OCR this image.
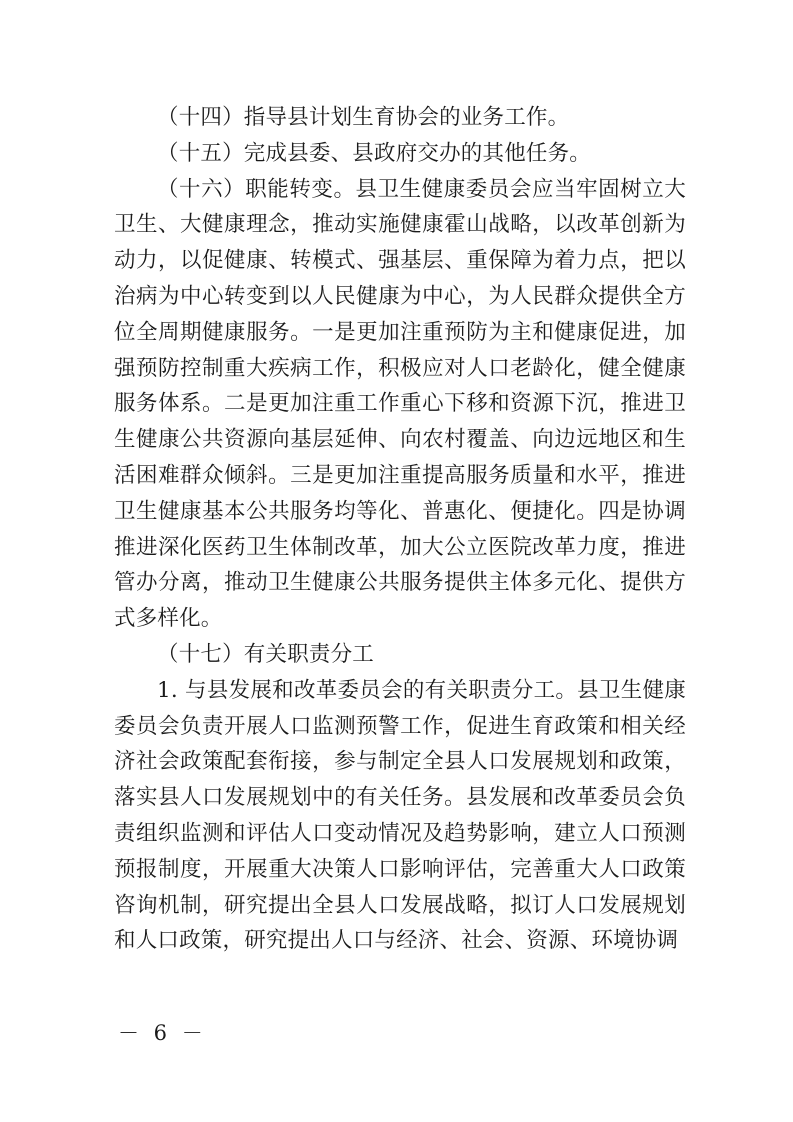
（十四）指导县计划生育协会的业务工作。

（十五）完成县委、县政府交办的其他任务。

（十六）职能转变。县卫生健康委员会应当牢固树立大卫生、大健康理念，推动实施健康霍山战略，以改革创新为动力，以促健康、转模式、强基层、重保障为着力点，把以治病为中心转变到以人民健康为中心，为人民群众提供全方位全周期健康服务。一是更加注重预防为主和健康促进，加强预防控制重大疾病工作，积极应对人口老龄化，健全健康服务体系。二是更加注重工作重心下移和资源下沉，推进卫生健康公共资源向基层延伸、向农村覆盖、向边远地区和生活困难群众倾斜。三是更加注重提高服务质量和水平，推进卫生健康基本公共服务均等化、普惠化、便捷化。四是协调推进深化医药卫生体制改革，加大公立医院改革力度，推进管办分离，推动卫生健康公共服务提供主体多元化、提供方式多样化。

（十七）有关职责分工

1. 与县发展和改革委员会的有关职责分工。县卫生健康委员会负责开展人口监测预警工作，促进生育政策和相关经济社会政策配套衔接，参与制定全县人口发展规划和政策，落实县人口发展规划中的有关任务。县发展和改革委员会负责组织监测和评估人口变动情况及趋势影响，建立人口预测预报制度，开展重大决策人口影响评估，完善重大人口政策咨询机制，研究提出全县人口发展战略，拟订人口发展规划和人口政策，研究提出人口与经济、社会、资源、环境协调

－ 6 －
